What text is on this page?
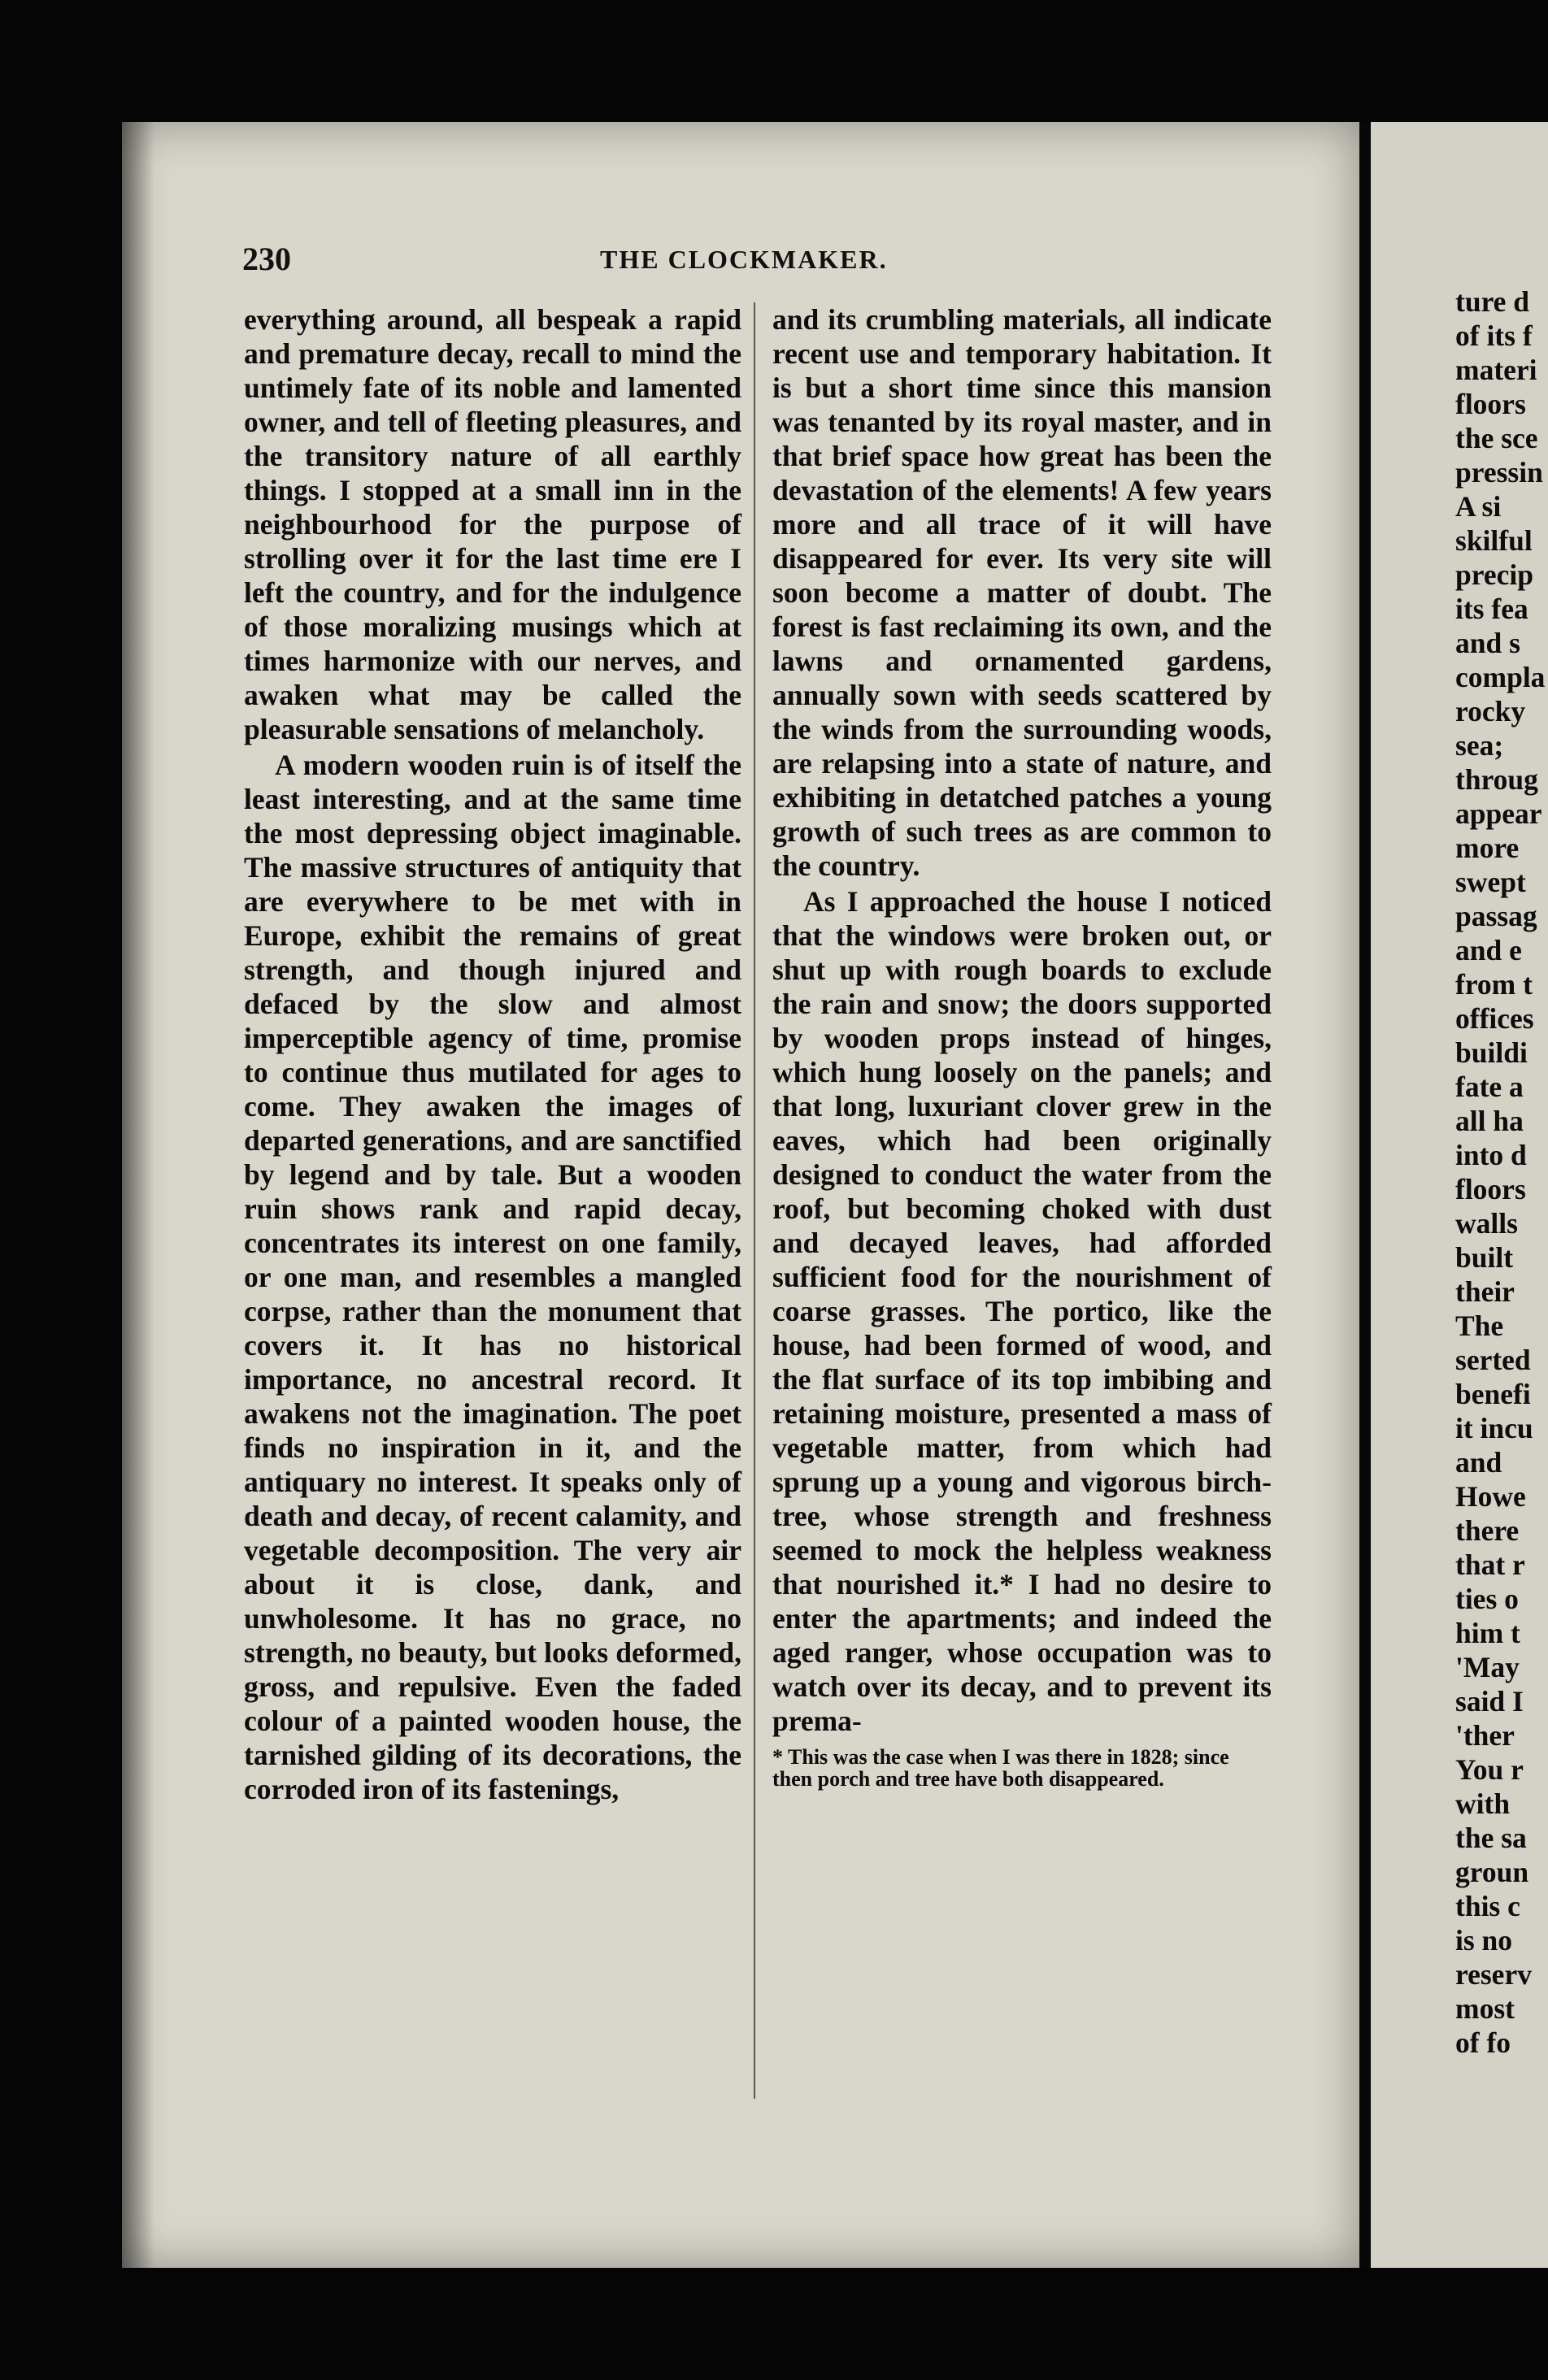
230	THE CLOCKMAKER.

everything around, all bespeak a rapid and premature decay, recall to mind the untimely fate of its noble and lamented owner, and tell of fleeting pleasures, and the transitory nature of all earthly things. I stopped at a small inn in the neighbourhood for the purpose of strolling over it for the last time ere I left the country, and for the indulgence of those moralizing musings which at times harmonize with our nerves, and awaken what may be called the pleasurable sensations of melancholy.

A modern wooden ruin is of itself the least interesting, and at the same time the most depressing object imaginable. The massive structures of antiquity that are everywhere to be met with in Europe, exhibit the remains of great strength, and though injured and defaced by the slow and almost imperceptible agency of time, promise to continue thus mutilated for ages to come. They awaken the images of departed generations, and are sanctified by legend and by tale. But a wooden ruin shows rank and rapid decay, concentrates its interest on one family, or one man, and resembles a mangled corpse, rather than the monument that covers it. It has no historical importance, no ancestral record. It awakens not the imagination. The poet finds no inspiration in it, and the antiquary no interest. It speaks only of death and decay, of recent calamity, and vegetable decomposition. The very air about it is close, dank, and unwholesome. It has no grace, no strength, no beauty, but looks deformed, gross, and repulsive. Even the faded colour of a painted wooden house, the tarnished gilding of its decorations, the corroded iron of its fastenings,

and its crumbling materials, all indicate recent use and temporary habitation. It is but a short time since this mansion was tenanted by its royal master, and in that brief space how great has been the devastation of the elements! A few years more and all trace of it will have disappeared for ever. Its very site will soon become a matter of doubt. The forest is fast reclaiming its own, and the lawns and ornamented gardens, annually sown with seeds scattered by the winds from the surrounding woods, are relapsing into a state of nature, and exhibiting in detatched patches a young growth of such trees as are common to the country.

As I approached the house I noticed that the windows were broken out, or shut up with rough boards to exclude the rain and snow; the doors supported by wooden props instead of hinges, which hung loosely on the panels; and that long, luxuriant clover grew in the eaves, which had been originally designed to conduct the water from the roof, but becoming choked with dust and decayed leaves, had afforded sufficient food for the nourishment of coarse grasses. The portico, like the house, had been formed of wood, and the flat surface of its top imbibing and retaining moisture, presented a mass of vegetable matter, from which had sprung up a young and vigorous birch-tree, whose strength and freshness seemed to mock the helpless weakness that nourished it.* I had no desire to enter the apartments; and indeed the aged ranger, whose occupation was to watch over its decay, and to prevent its prema-

* This was the case when I was there in 1828; since then porch and tree have both disappeared.
ture d
of its f
materi
floors
the sce
pressin
A si
skilful
precip
its fea
and s
compla
rocky
sea;
throug
appear
more
swept
passag
and e
from t
offices
buildi
fate a
all ha
into d
floors
walls
built
their
The
serted
benefi
it incu
and
Howe
there
that r
ties o
him t
'May
said I
'ther
You r
with
the sa
groun
this c
is no
reserv
most
of fo
